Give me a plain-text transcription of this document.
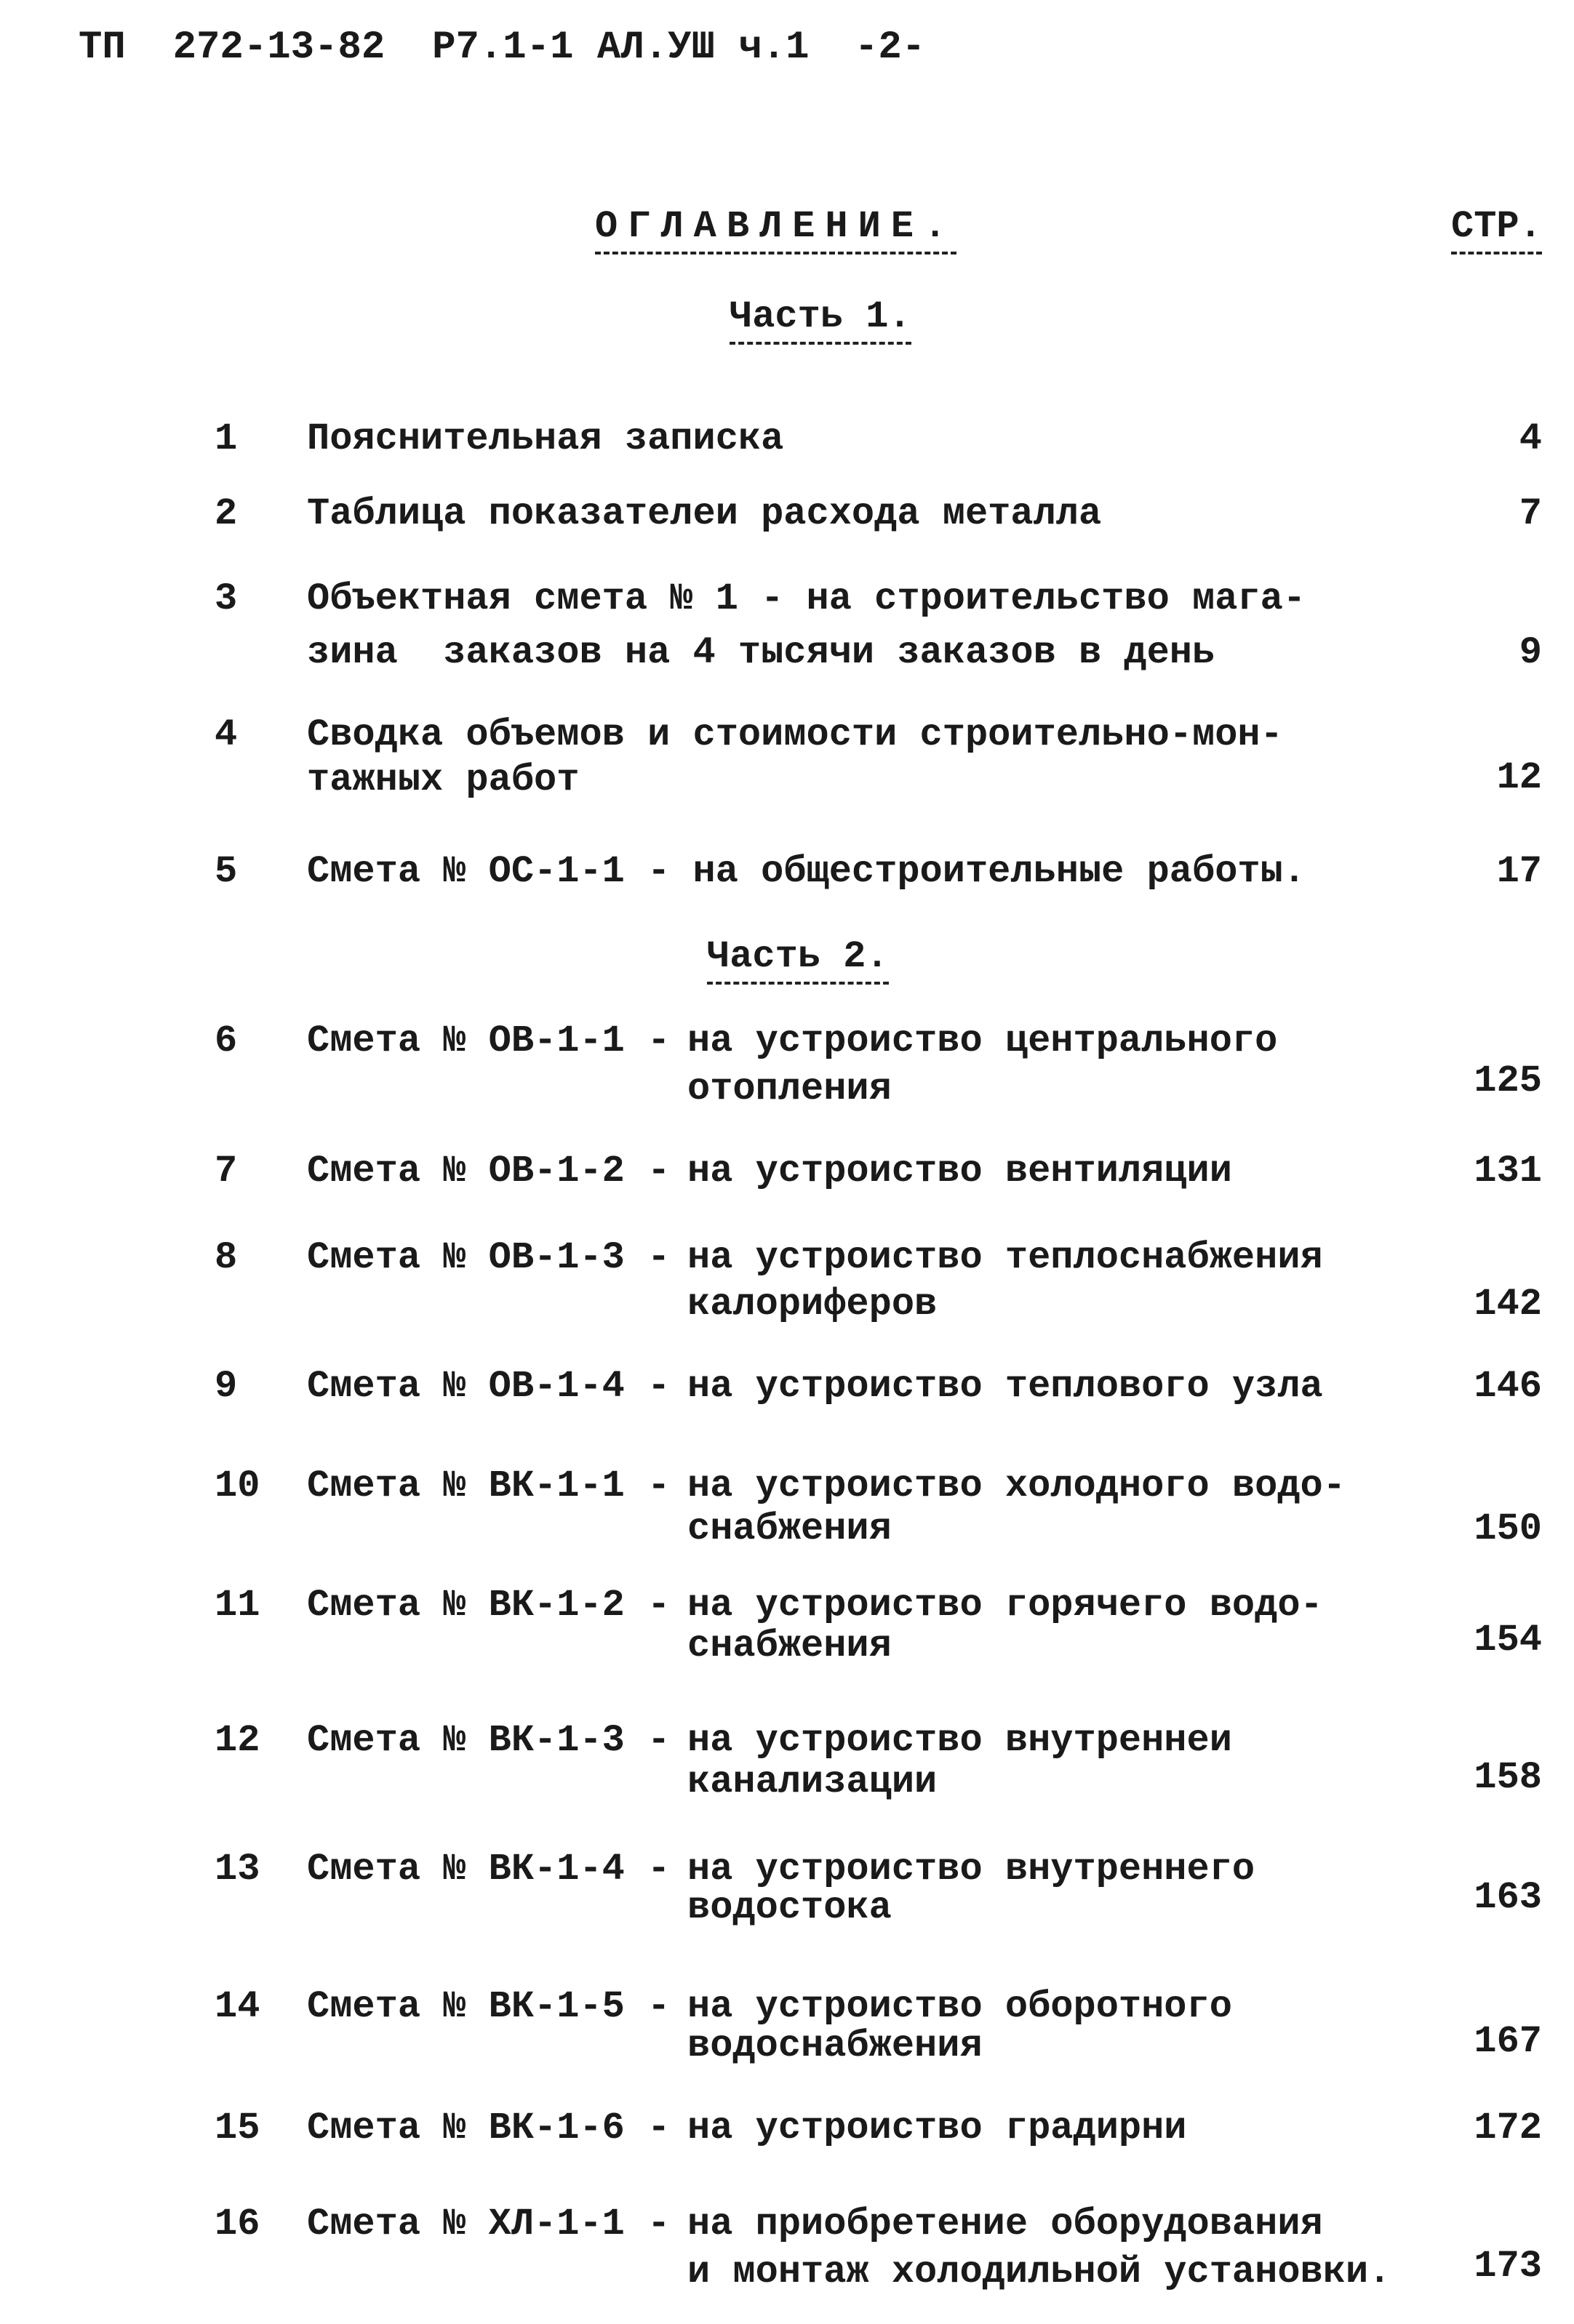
ТП  272-13-82  Р7.1-1 АЛ.УШ ч.1 -2-
ОГЛАВЛЕНИЕ.	СТР.
Часть 1.
Часть 2.
1 Пояснительная записка	4
2 Таблица показателеи расхода металла	7
3 Объектная смета № 1 - на строительство мага-
зина  заказов на 4 тысячи заказов в день	9
4 Сводка объемов и стоимости строительно-мон-
тажных работ	12
5 Смета № ОС-1-1 - на общестроительные работы.	17
6 Смета № ОВ-1-1 - на устроиство центрального
отопления	125
7 Смета № ОВ-1-2 - на устроиство вентиляции	131
8 Смета № ОВ-1-3 - на устроиство теплоснабжения
калориферов	142
9 Смета № ОВ-1-4 - на устроиство теплового узла	146
10 Смета № ВК-1-1 - на устроиство холодного водо-
снабжения	150
11 Смета № ВК-1-2 - на устроиство горячего водо-
снабжения	154
12 Смета № ВК-1-3 - на устроиство внутреннеи
канализации	158
13 Смета № ВК-1-4 - на устроиство внутреннего
водостока	163
14 Смета № ВК-1-5 - на устроиство оборотного
водоснабжения	167
15 Смета № ВК-1-6 - на устроиство градирни	172
16 Смета № ХЛ-1-1 - на приобретение оборудования
и монтаж холодильной установки.	173
